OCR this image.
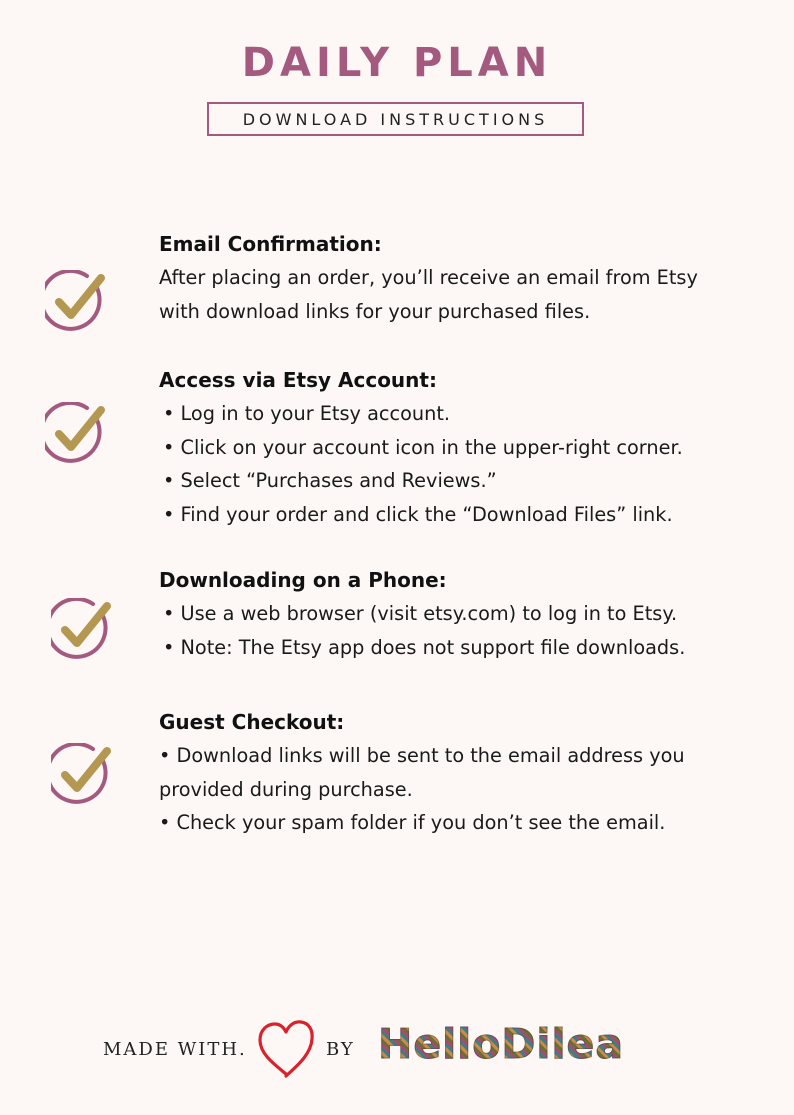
DAILY PLAN
DOWNLOAD INSTRUCTIONS
Email Confirmation:
After placing an order, you’ll receive an email from Etsy
with download links for your purchased files.
Access via Etsy Account:
• Log in to your Etsy account.
• Click on your account icon in the upper-right corner.
• Select “Purchases and Reviews.”
• Find your order and click the “Download Files” link.
Downloading on a Phone:
• Use a web browser (visit etsy.com) to log in to Etsy.
• Note: The Etsy app does not support file downloads.
Guest Checkout:
• Download links will be sent to the email address you
provided during purchase.
• Check your spam folder if you don’t see the email.
MADE WITH.	BY HelloDilea
